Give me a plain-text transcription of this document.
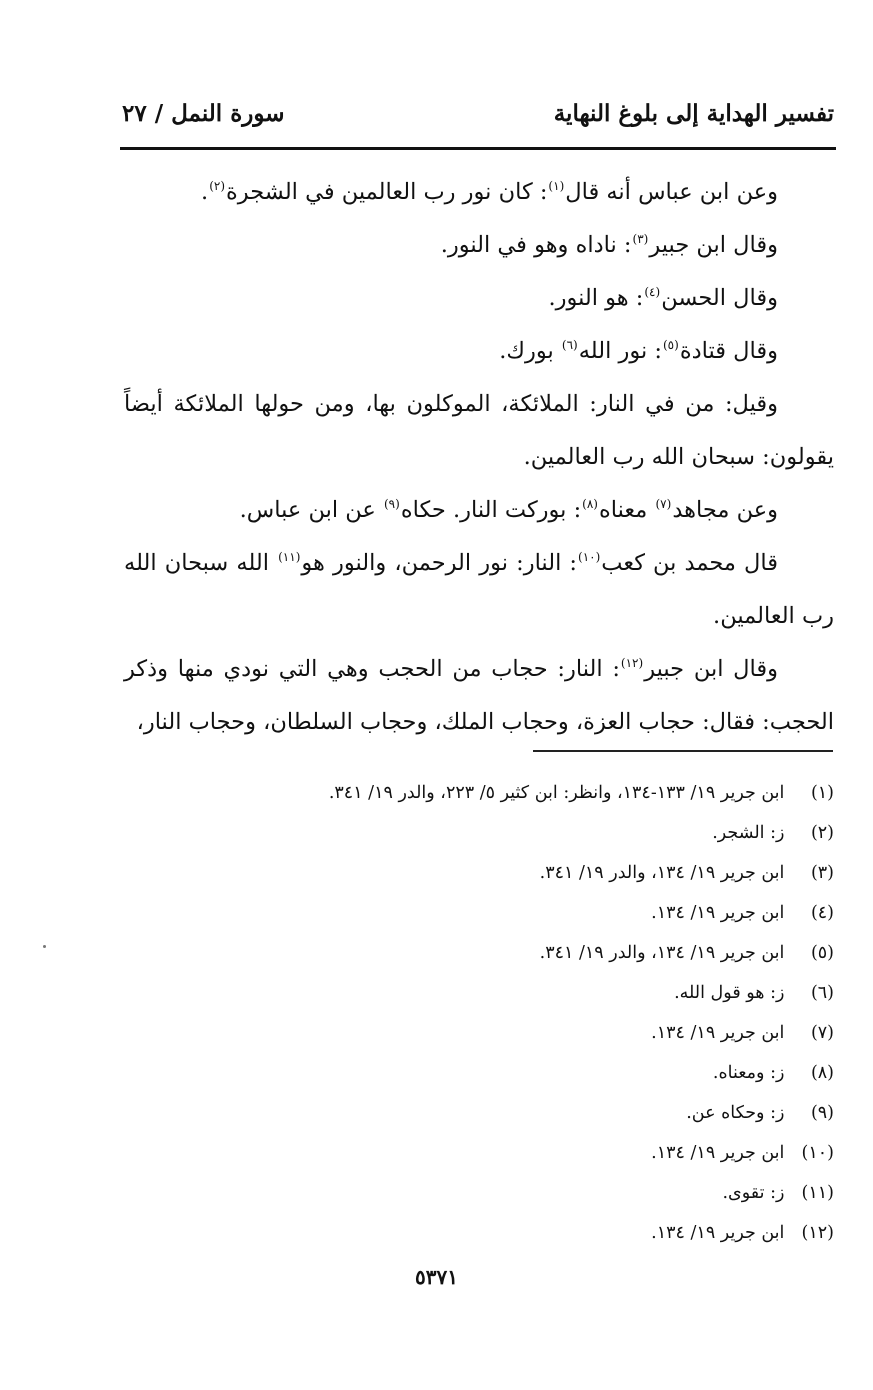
تفسير الهداية إلى بلوغ النهاية
سورة النمل / ٢٧

وعن ابن عباس أنه قال$^{(١)}$: كان نور رب العالمين في الشجرة$^{(٢)}$.

وقال ابن جبير$^{(٣)}$: ناداه وهو في النور.

وقال الحسن$^{(٤)}$: هو النور.

وقال قتادة$^{(٥)}$: نور الله$^{(٦)}$ بورك.

وقيل: من في النار: الملائكة، الموكلون بها، ومن حولها الملائكة أيضاً يقولون: سبحان الله رب العالمين.

وعن مجاهد$^{(٧)}$ معناه$^{(٨)}$: بوركت النار. حكاه$^{(٩)}$ عن ابن عباس.

قال محمد بن كعب$^{(١٠)}$: النار: نور الرحمن، والنور هو$^{(١١)}$ الله سبحان الله رب العالمين.

وقال ابن جبير$^{(١٢)}$: النار: حجاب من الحجب وهي التي نودي منها وذكر الحجب: فقال: حجاب العزة، وحجاب الملك، وحجاب السلطان، وحجاب النار،

(١) ابن جرير ١٩/ ١٣٣-١٣٤، وانظر: ابن كثير ٥/ ٢٢٣، والدر ١٩/ ٣٤١.
(٢) ز: الشجر.
(٣) ابن جرير ١٩/ ١٣٤، والدر ١٩/ ٣٤١.
(٤) ابن جرير ١٩/ ١٣٤.
(٥) ابن جرير ١٩/ ١٣٤، والدر ١٩/ ٣٤١.
(٦) ز: هو قول الله.
(٧) ابن جرير ١٩/ ١٣٤.
(٨) ز: ومعناه.
(٩) ز: وحكاه عن.
(١٠) ابن جرير ١٩/ ١٣٤.
(١١) ز: تقوى.
(١٢) ابن جرير ١٩/ ١٣٤.
٥٣٧١
